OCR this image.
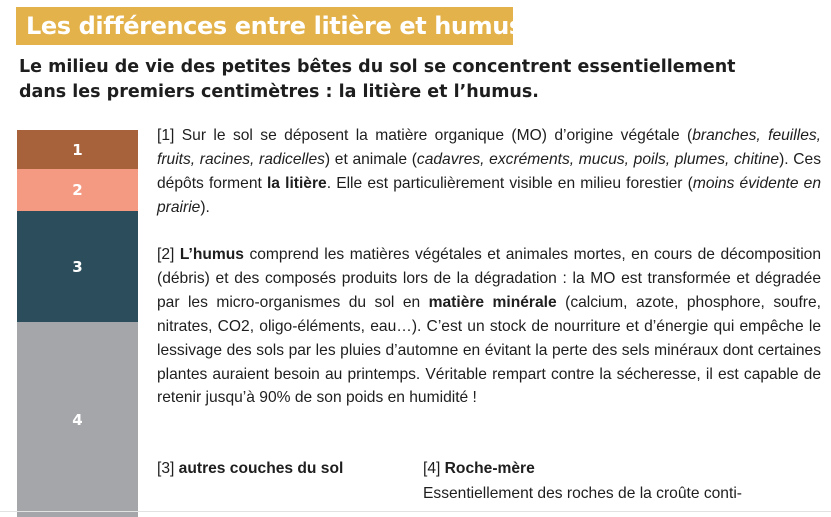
Les différences entre litière et humus
Le milieu de vie des petites bêtes du sol se concentrent essentiellement
dans les premiers centimètres : la litière et l’humus.
1
2
3
4
[1] Sur le sol se déposent la matière organique (MO) d’origine végétale (branches, feuilles, fruits, racines, radicelles) et animale (cadavres, excréments, mucus, poils, plumes, chitine). Ces dépôts forment la litière. Elle est particulièrement visible en milieu forestier (moins évidente en prairie).
[2] L’humus comprend les matières végétales et animales mortes, en cours de décomposition (débris) et des composés produits lors de la dégradation : la MO est transformée et dégradée par les micro-organismes du sol en matière minérale (calcium, azote, phosphore, soufre, nitrates, CO2, oligo-éléments, eau…). C’est un stock de nourriture et d’énergie qui empêche le lessivage des sols par les pluies d’automne en évitant la perte des sels minéraux dont certaines plantes auraient besoin au printemps. Véritable rempart contre la sécheresse, il est capable de retenir jusqu’à 90% de son poids en humidité !
[3] autres couches du sol	[4] Roche-mère
Essentiellement des roches de la croûte conti-
